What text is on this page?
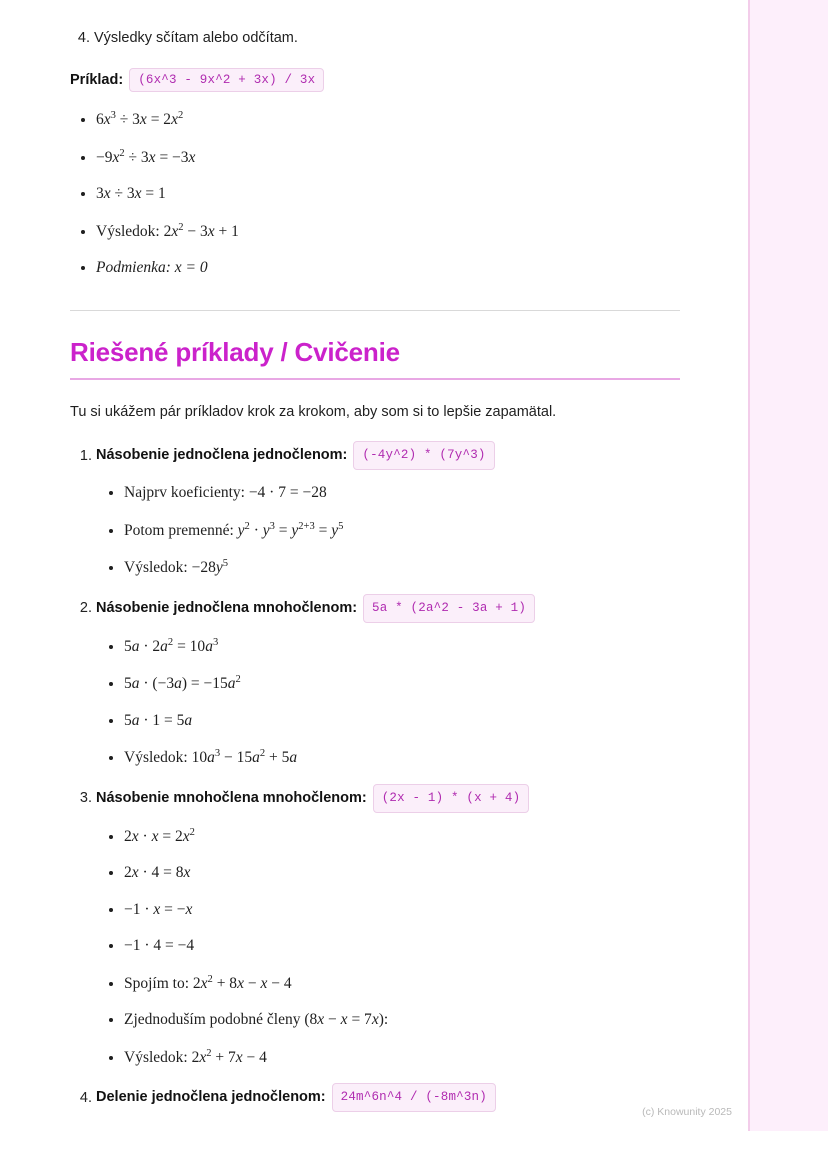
4. Výsledky sčítam alebo odčítam.
Príklad: (6x^3 - 9x^2 + 3x) / 3x
• $6x^3 \div 3x = 2x^2$
• $-9x^2 \div 3x = -3x$
• 3x ÷ 3x = 1
• Výsledok: $2x^2 - 3x + 1$
• Podmienka: x = 0
Riešené príklady / Cvičenie

Tu si ukážem pár príkladov krok za krokom, aby som si to lepšie zapamätal.

1. Násobenie jednočlena jednočlenom: (-4y^2) * (7y^3)
• Najprv koeficienty: −4 · 7 = −28
• Potom premenné: $y^2 \cdot y^3 = y^{2+3} = y^5$
• Výsledok: $-28y^5$
2. Násobenie jednočlena mnohočlenom: 5a * (2a^2 - 3a + 1)
• $5a \cdot 2a^2 = 10a^3$
• $5a \cdot (-3a) = -15a^2$
• 5a · 1 = 5a
• Výsledok: $10a^3 - 15a^2 + 5a$
3. Násobenie mnohočlena mnohočlenom: (2x - 1) * (x + 4)
• $2x \cdot x = 2x^2$
• 2x · 4 = 8x
• −1 · x = −x
• −1 · 4 = −4
• Spojím to: $2x^2 + 8x - x - 4$
• Zjednoduším podobné členy (8x − x = 7x):
• Výsledok: $2x^2 + 7x - 4$
4. Delenie jednočlena jednočlenom: 24m^6n^4 / (-8m^3n)
(c) Knowunity 2025
